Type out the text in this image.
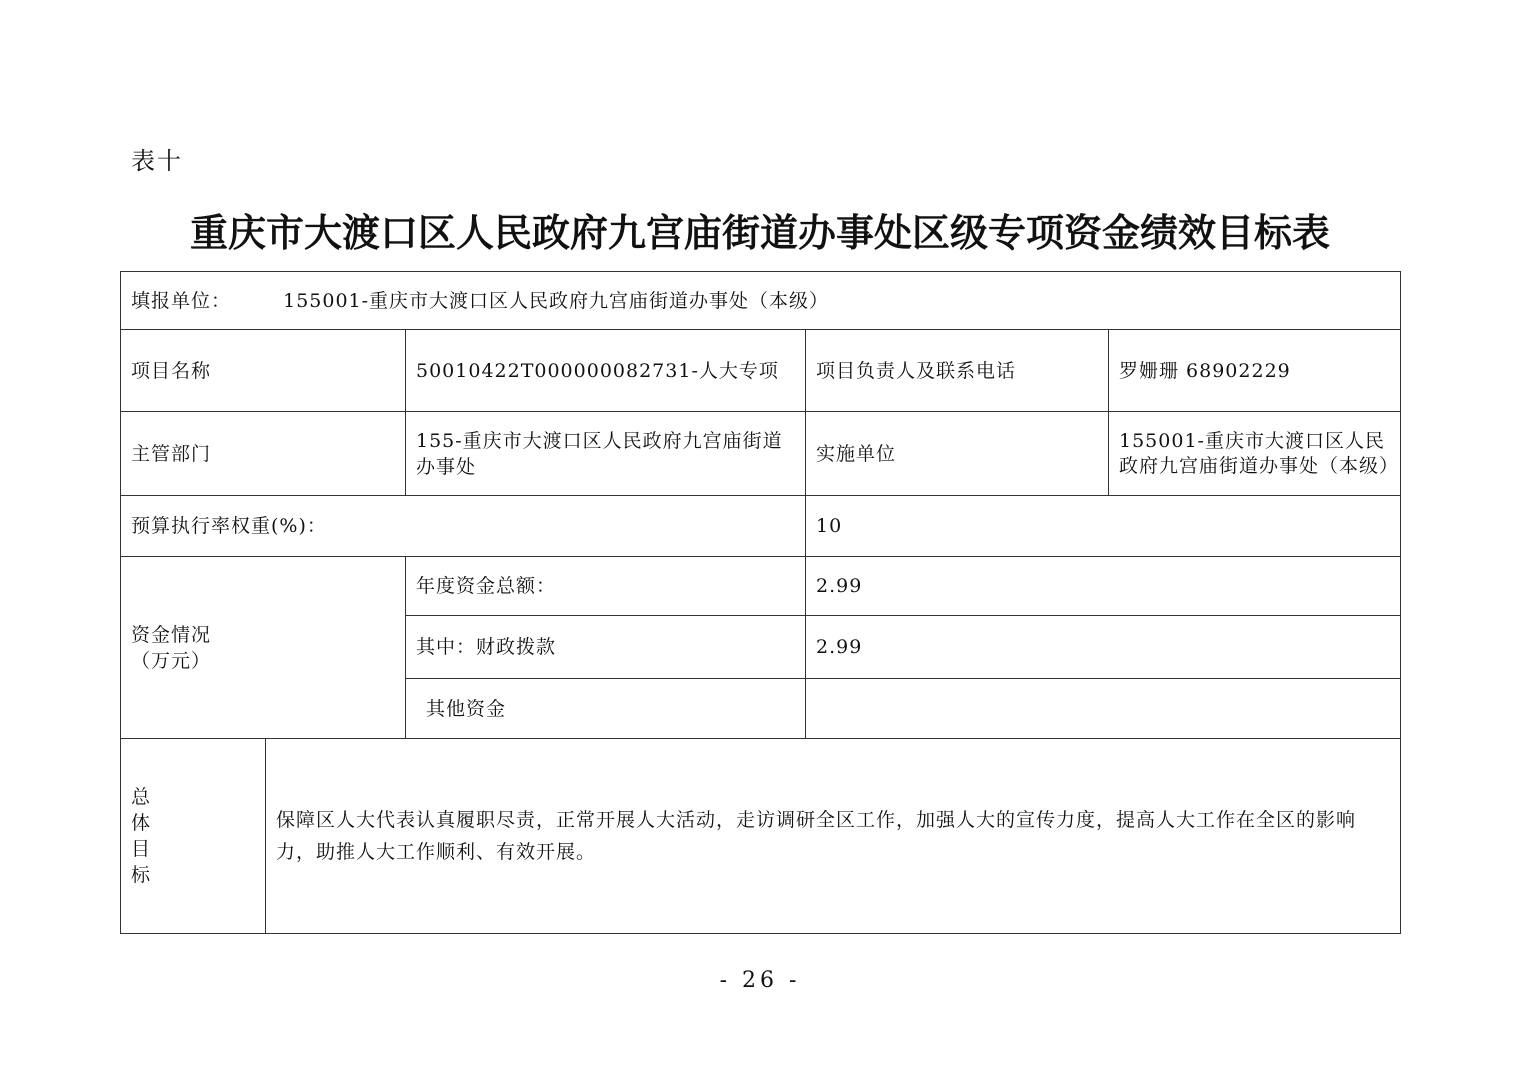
表十
重庆市大渡口区人民政府九宫庙街道办事处区级专项资金绩效目标表
填报单位： 155001-重庆市大渡口区人民政府九宫庙街道办事处（本级）				
项目名称		50010422T000000082731-人大专项	项目负责人及联系电话	罗姗珊 68902229
主管部门		155-重庆市大渡口区人民政府九宫庙街道办事处	实施单位	155001-重庆市大渡口区人民政府九宫庙街道办事处（本级）
预算执行率权重(%)：			10	

资金情况
（万元）		年度资金总额：	2.99	
		其中：财政拨款	2.99	
		其他资金		

总
体
目
标	保障区人大代表认真履职尽责，正常开展人大活动，走访调研全区工作，加强人大的宣传力度，提高人大工作在全区的影响力，助推人大工作顺利、有效开展。			
- 26 -
